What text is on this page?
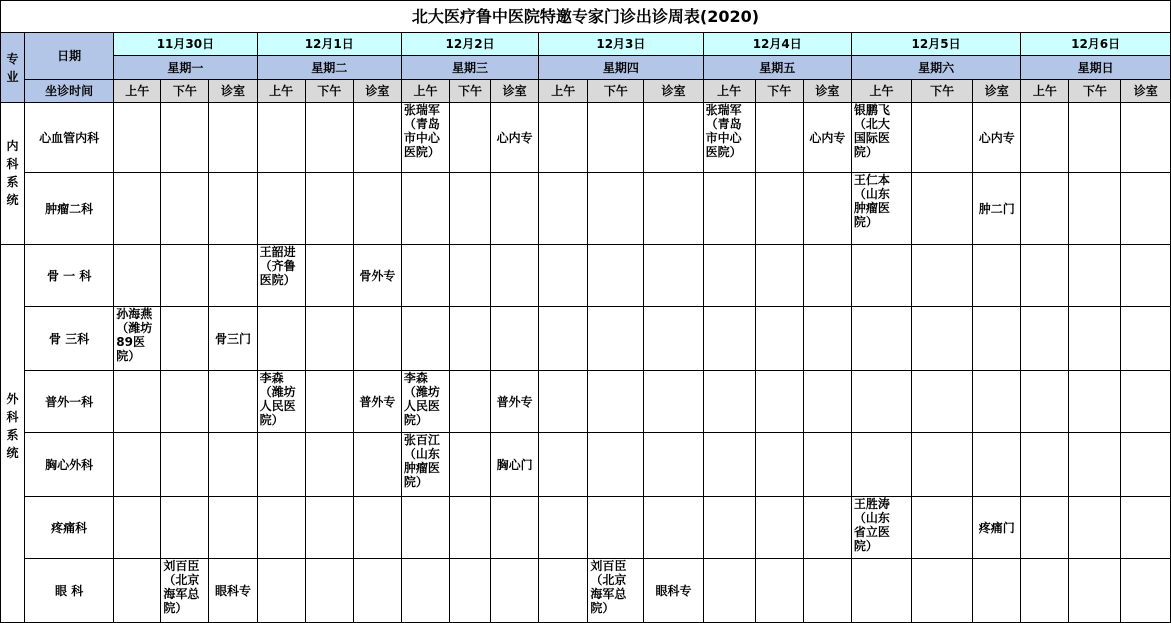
北大医疗鲁中医院特邀专家门诊出诊周表(2020)																						
专业	日期	11月30日			12月1日			12月2日			12月3日			12月4日			12月5日			12月6日		
		星期一			星期二			星期三			星期四			星期五			星期六			星期日		
	坐诊时间	上午	下午	诊室	上午	下午	诊室	上午	下午	诊室	上午	下午	诊室	上午	下午	诊室	上午	下午	诊室	上午	下午	诊室
内科系统	心血管内科							张瑞军（青岛市中心医院）		心内专				张瑞军（青岛市中心医院）		心内专	银鹏飞（北大国际医院）		心内专			
	肿瘤二科																王仁本（山东肿瘤医院）		肿二门			
外科系统	骨 一 科				王韶进（齐鲁医院）		骨外专															
	骨 三科	孙海燕（潍坊89医院）		骨三门																		
	普外一科				李森（潍坊人民医院）		普外专	李森（潍坊人民医院）		普外专												
	胸心外科							张百江（山东肿瘤医院）		胸心门												
	疼痛科																王胜涛（山东省立医院）		疼痛门			
	眼 科		刘百臣（北京海军总院）	眼科专								刘百臣（北京海军总院）	眼科专									
